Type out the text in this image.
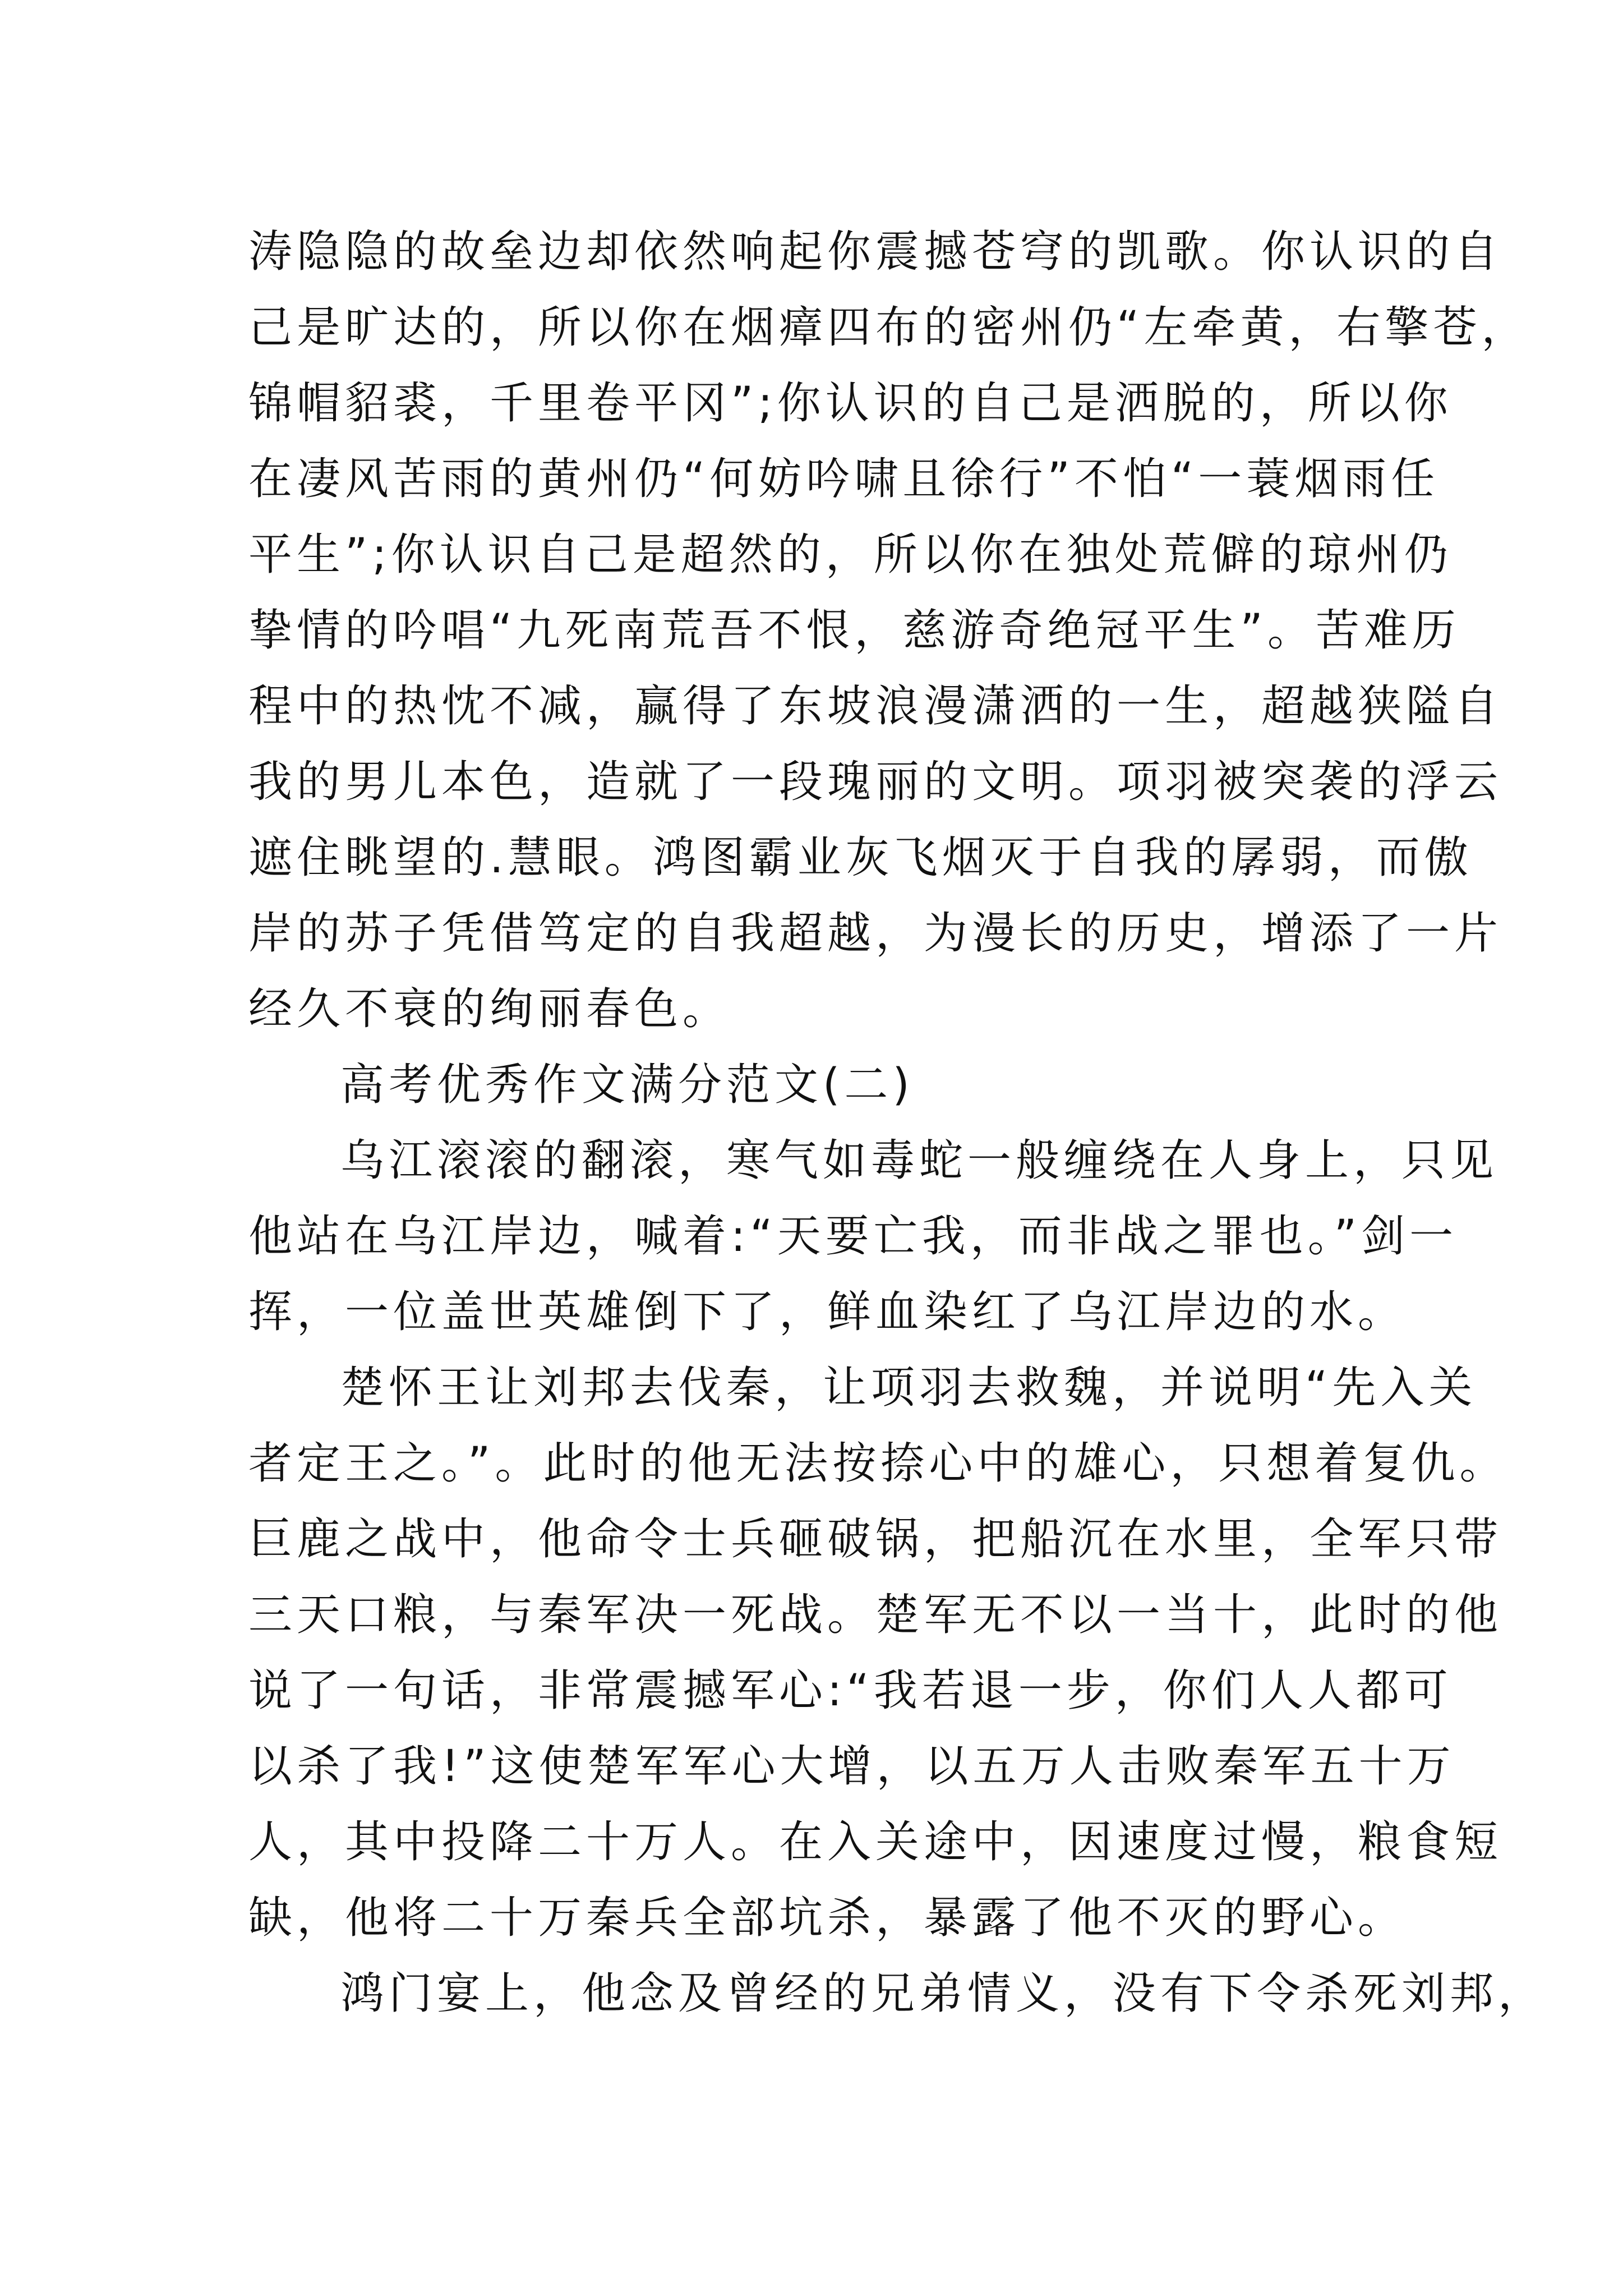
涛隐隐的故垒边却依然响起你震撼苍穹的凯歌。你认识的自
己是旷达的，所以你在烟瘴四布的密州仍“左牵黄，右擎苍，
锦帽貂裘，千里卷平冈”;你认识的自己是洒脱的，所以你
在凄风苦雨的黄州仍“何妨吟啸且徐行”不怕“一蓑烟雨任
平生”;你认识自己是超然的，所以你在独处荒僻的琼州仍
挚情的吟唱“九死南荒吾不恨，慈游奇绝冠平生”。苦难历
程中的热忱不减，赢得了东坡浪漫潇洒的一生，超越狭隘自
我的男儿本色，造就了一段瑰丽的文明。项羽被突袭的浮云
遮住眺望的.慧眼。鸿图霸业灰飞烟灭于自我的孱弱，而傲
岸的苏子凭借笃定的自我超越，为漫长的历史，增添了一片
经久不衰的绚丽春色。
高考优秀作文满分范文(二)
乌江滚滚的翻滚，寒气如毒蛇一般缠绕在人身上，只见
他站在乌江岸边，喊着:“天要亡我，而非战之罪也。”剑一
挥，一位盖世英雄倒下了，鲜血染红了乌江岸边的水。
楚怀王让刘邦去伐秦，让项羽去救魏，并说明“先入关
者定王之。”。此时的他无法按捺心中的雄心，只想着复仇。
巨鹿之战中，他命令士兵砸破锅，把船沉在水里，全军只带
三天口粮，与秦军决一死战。楚军无不以一当十，此时的他
说了一句话，非常震撼军心:“我若退一步，你们人人都可
以杀了我!”这使楚军军心大增，以五万人击败秦军五十万
人，其中投降二十万人。在入关途中，因速度过慢，粮食短
缺，他将二十万秦兵全部坑杀，暴露了他不灭的野心。
鸿门宴上，他念及曾经的兄弟情义，没有下令杀死刘邦，
